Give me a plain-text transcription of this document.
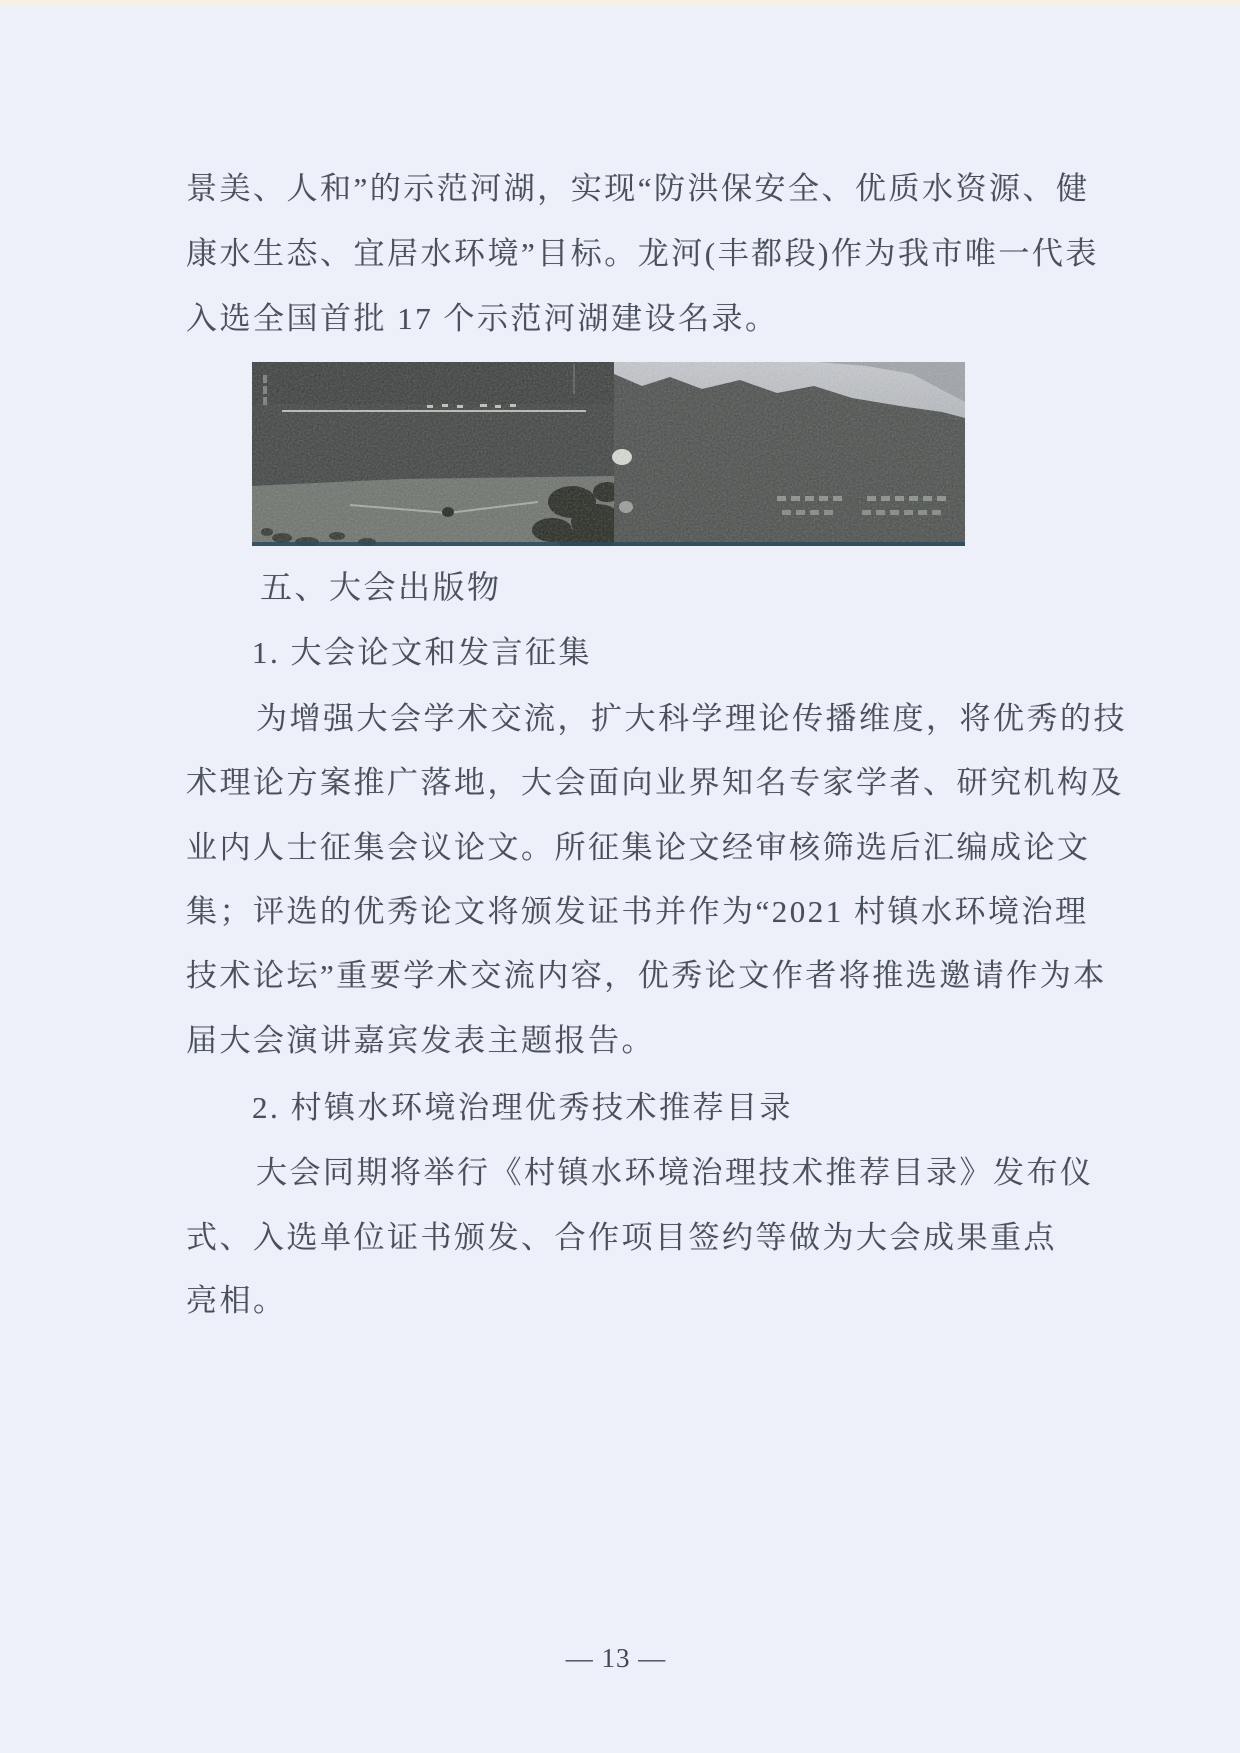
景美、人和”的示范河湖，实现“防洪保安全、优质水资源、健
康水生态、宜居水环境”目标。龙河(丰都段)作为我市唯一代表
入选全国首批 17 个示范河湖建设名录。
五、大会出版物
1. 大会论文和发言征集
为增强大会学术交流，扩大科学理论传播维度，将优秀的技
术理论方案推广落地，大会面向业界知名专家学者、研究机构及
业内人士征集会议论文。所征集论文经审核筛选后汇编成论文
集；评选的优秀论文将颁发证书并作为“2021 村镇水环境治理
技术论坛”重要学术交流内容，优秀论文作者将推选邀请作为本
届大会演讲嘉宾发表主题报告。
2. 村镇水环境治理优秀技术推荐目录
大会同期将举行《村镇水环境治理技术推荐目录》发布仪
式、入选单位证书颁发、合作项目签约等做为大会成果重点
亮相。
— 13 —
